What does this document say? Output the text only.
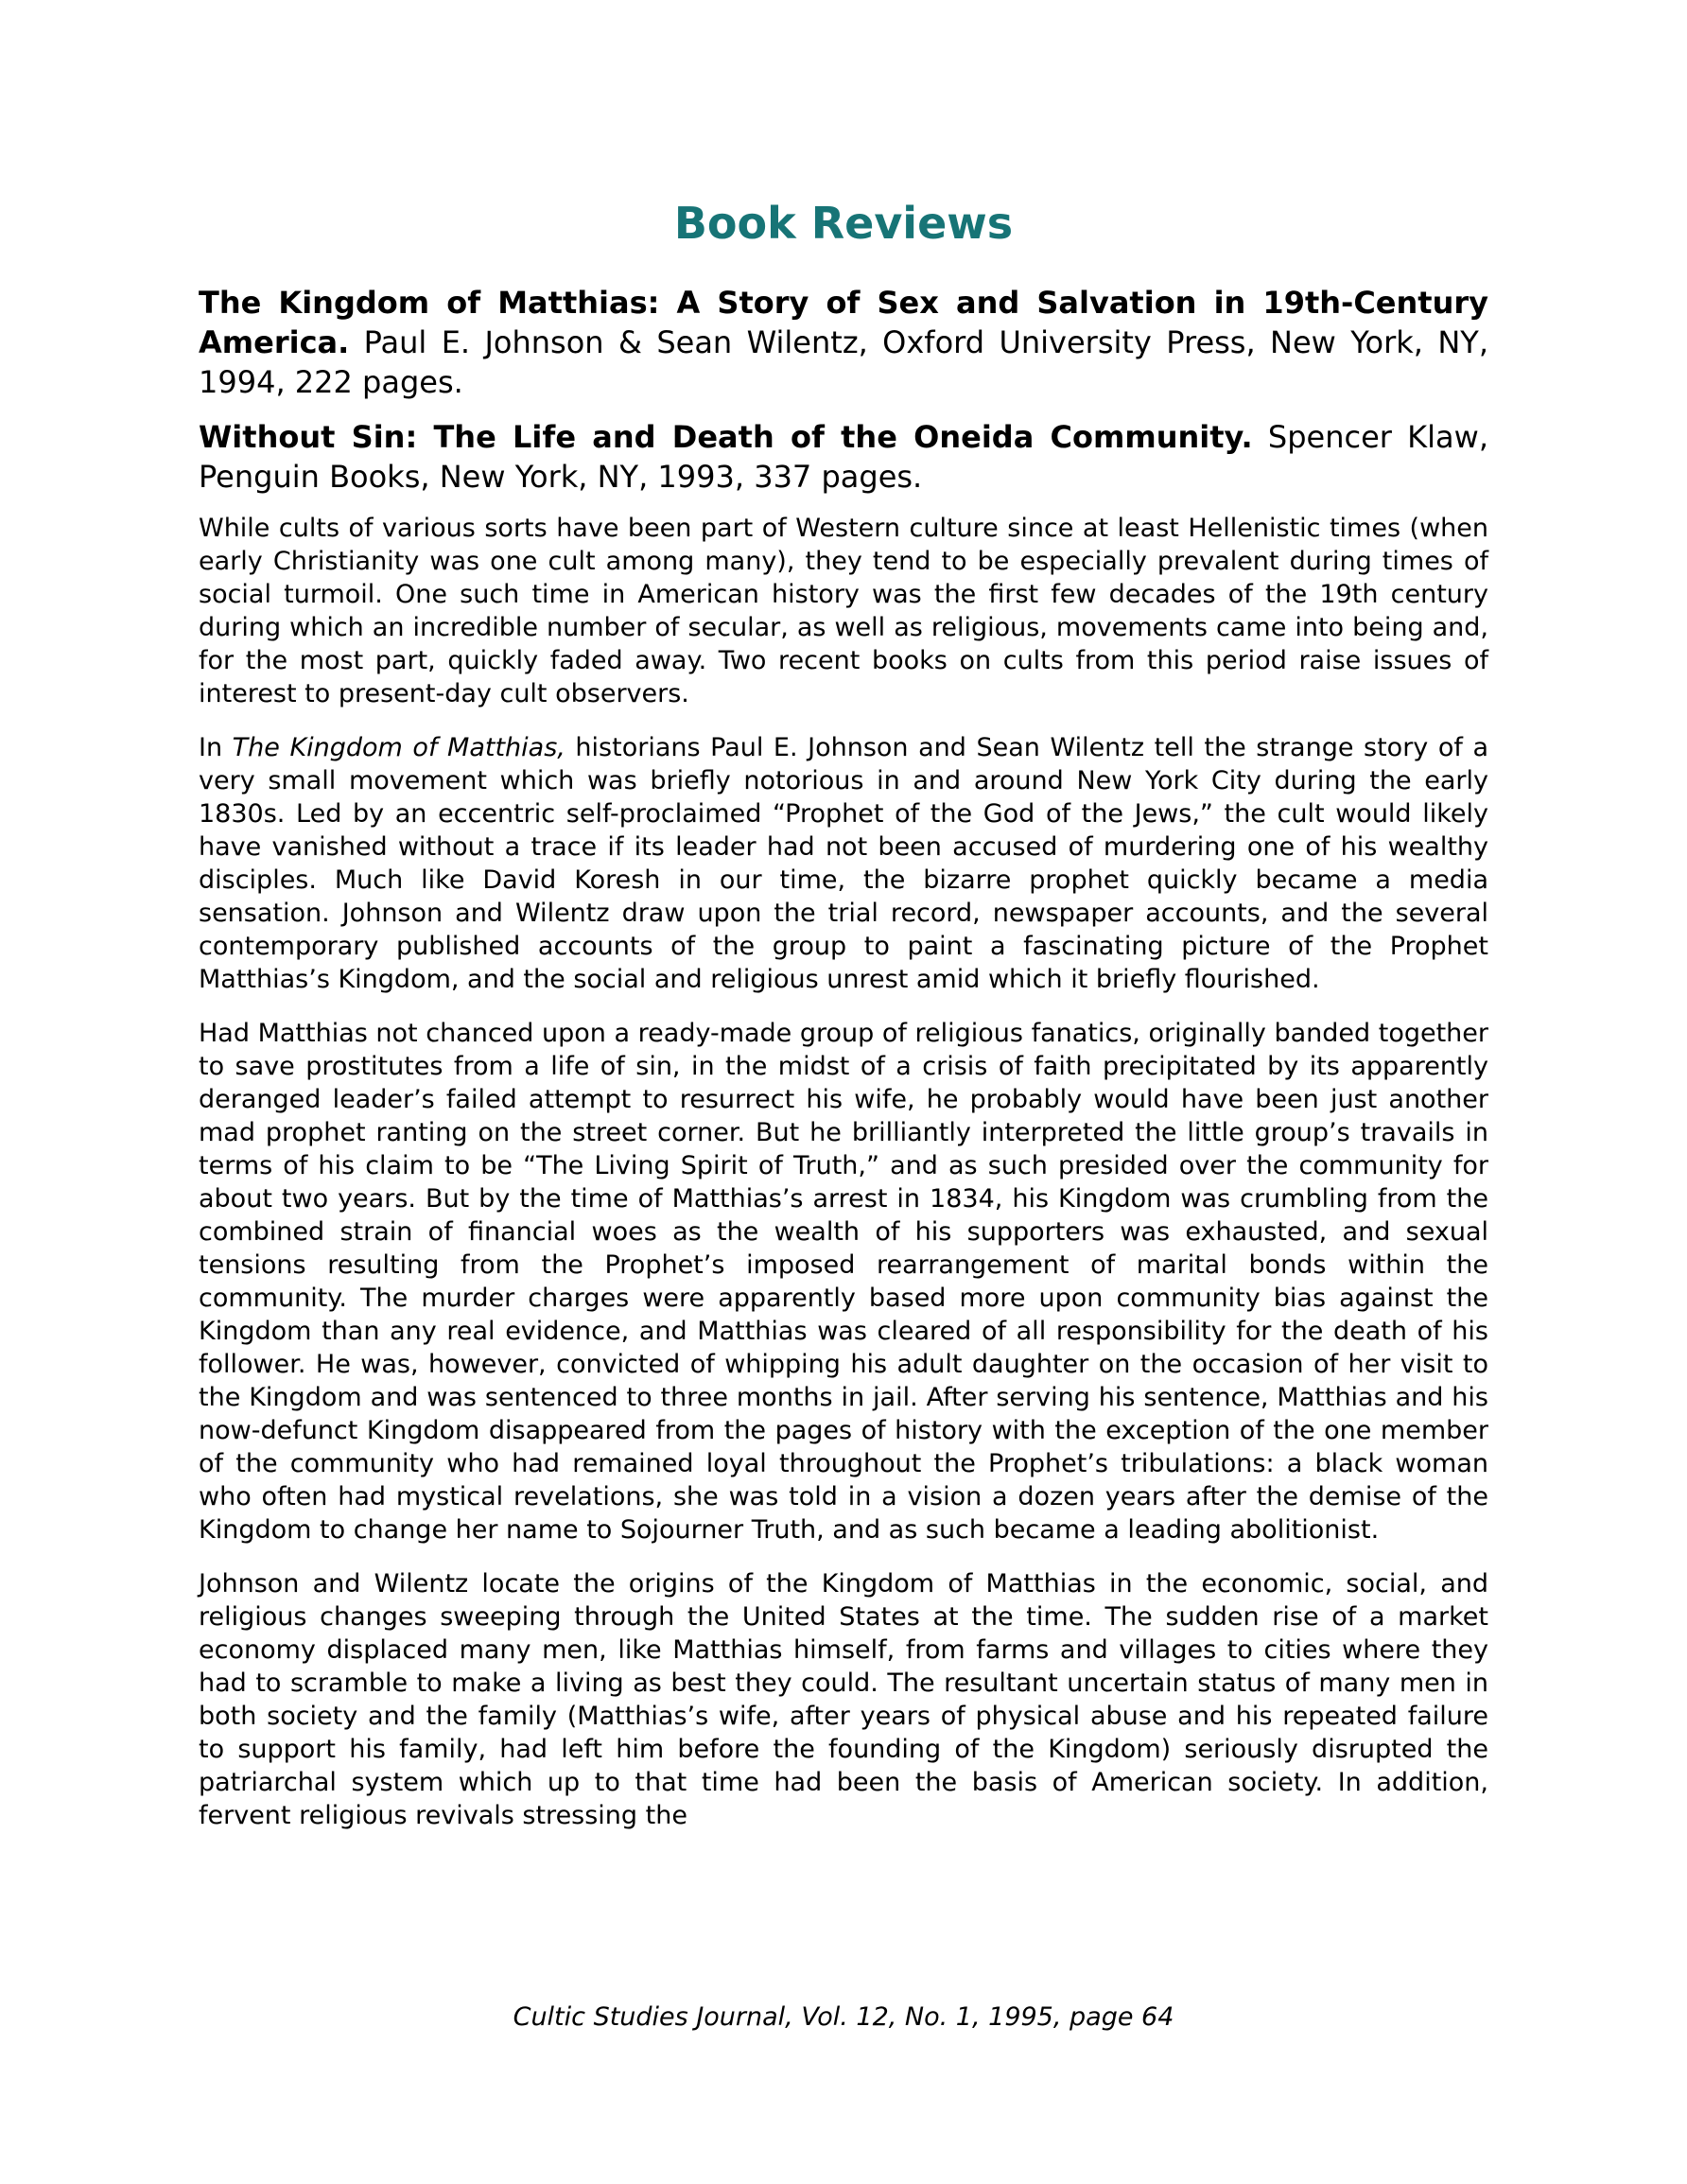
Book Reviews

The Kingdom of Matthias: A Story of Sex and Salvation in 19th-Century America. Paul E. Johnson & Sean Wilentz, Oxford University Press, New York, NY, 1994, 222 pages.

Without Sin: The Life and Death of the Oneida Community. Spencer Klaw, Penguin Books, New York, NY, 1993, 337 pages.

While cults of various sorts have been part of Western culture since at least Hellenistic times (when early Christianity was one cult among many), they tend to be especially prevalent during times of social turmoil. One such time in American history was the first few decades of the 19th century during which an incredible number of secular, as well as religious, movements came into being and, for the most part, quickly faded away. Two recent books on cults from this period raise issues of interest to present-day cult observers.

In The Kingdom of Matthias, historians Paul E. Johnson and Sean Wilentz tell the strange story of a very small movement which was briefly notorious in and around New York City during the early 1830s. Led by an eccentric self-proclaimed “Prophet of the God of the Jews,” the cult would likely have vanished without a trace if its leader had not been accused of murdering one of his wealthy disciples. Much like David Koresh in our time, the bizarre prophet quickly became a media sensation. Johnson and Wilentz draw upon the trial record, newspaper accounts, and the several contemporary published accounts of the group to paint a fascinating picture of the Prophet Matthias’s Kingdom, and the social and religious unrest amid which it briefly flourished.

Had Matthias not chanced upon a ready-made group of religious fanatics, originally banded together to save prostitutes from a life of sin, in the midst of a crisis of faith precipitated by its apparently deranged leader’s failed attempt to resurrect his wife, he probably would have been just another mad prophet ranting on the street corner. But he brilliantly interpreted the little group’s travails in terms of his claim to be “The Living Spirit of Truth,” and as such presided over the community for about two years. But by the time of Matthias’s arrest in 1834, his Kingdom was crumbling from the combined strain of financial woes as the wealth of his supporters was exhausted, and sexual tensions resulting from the Prophet’s imposed rearrangement of marital bonds within the community. The murder charges were apparently based more upon community bias against the Kingdom than any real evidence, and Matthias was cleared of all responsibility for the death of his follower. He was, however, convicted of whipping his adult daughter on the occasion of her visit to the Kingdom and was sentenced to three months in jail. After serving his sentence, Matthias and his now-defunct Kingdom disappeared from the pages of history with the exception of the one member of the community who had remained loyal throughout the Prophet’s tribulations: a black woman who often had mystical revelations, she was told in a vision a dozen years after the demise of the Kingdom to change her name to Sojourner Truth, and as such became a leading abolitionist.

Johnson and Wilentz locate the origins of the Kingdom of Matthias in the economic, social, and religious changes sweeping through the United States at the time. The sudden rise of a market economy displaced many men, like Matthias himself, from farms and villages to cities where they had to scramble to make a living as best they could. The resultant uncertain status of many men in both society and the family (Matthias’s wife, after years of physical abuse and his repeated failure to support his family, had left him before the founding of the Kingdom) seriously disrupted the patriarchal system which up to that time had been the basis of American society. In addition, fervent religious revivals stressing the

Cultic Studies Journal, Vol. 12, No. 1, 1995, page 64
